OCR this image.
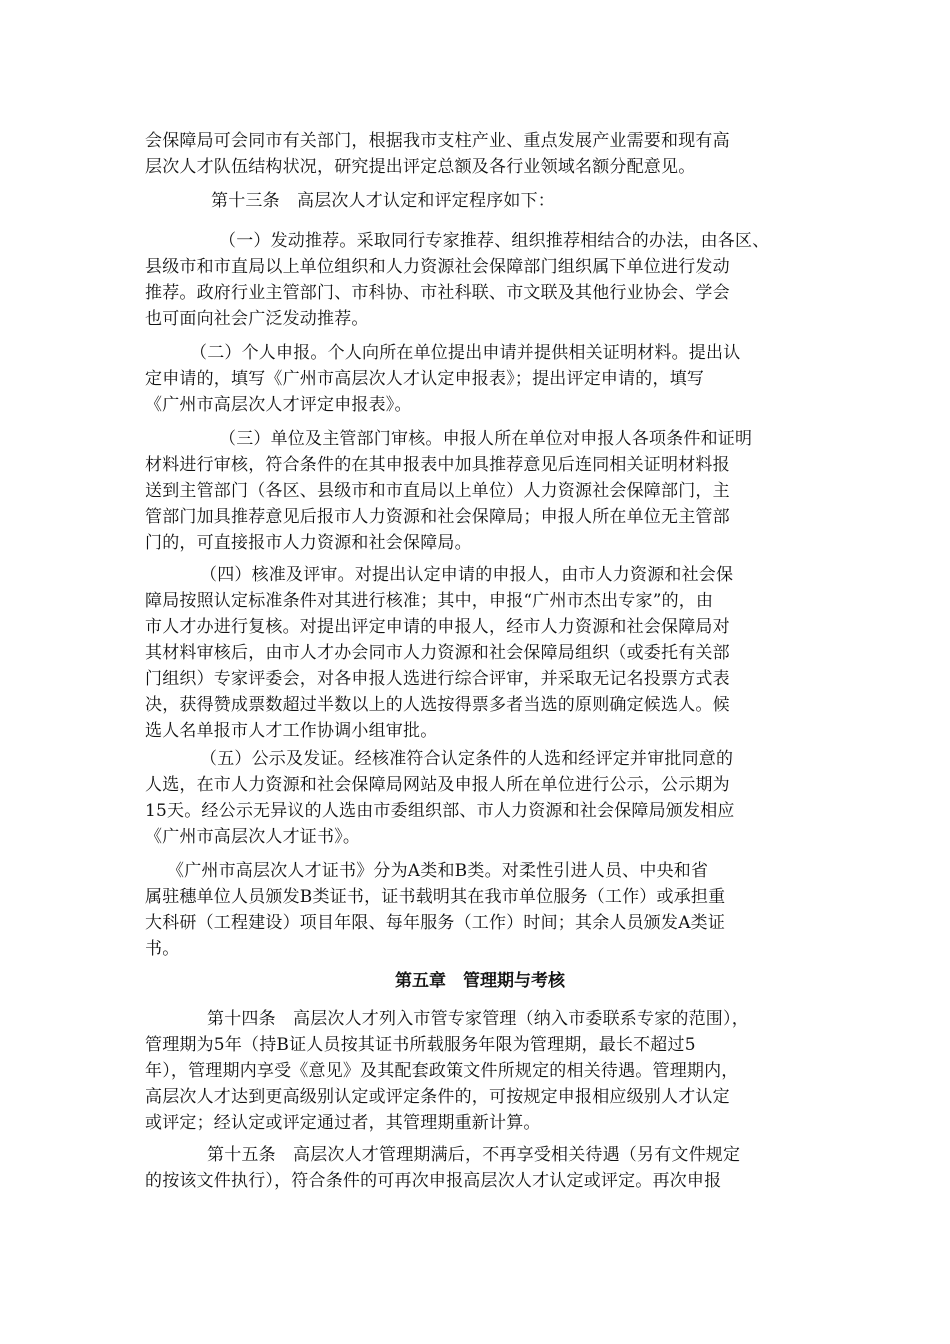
会保障局可会同市有关部门，根据我市支柱产业、重点发展产业需要和现有高
层次人才队伍结构状况，研究提出评定总额及各行业领域名额分配意见。
第十三条　高层次人才认定和评定程序如下：
（一）发动推荐。采取同行专家推荐、组织推荐相结合的办法，由各区、
县级市和市直局以上单位组织和人力资源社会保障部门组织属下单位进行发动
推荐。政府行业主管部门、市科协、市社科联、市文联及其他行业协会、学会
也可面向社会广泛发动推荐。
（二）个人申报。个人向所在单位提出申请并提供相关证明材料。提出认
定申请的，填写《广州市高层次人才认定申报表》；提出评定申请的，填写
《广州市高层次人才评定申报表》。
（三）单位及主管部门审核。申报人所在单位对申报人各项条件和证明
材料进行审核，符合条件的在其申报表中加具推荐意见后连同相关证明材料报
送到主管部门（各区、县级市和市直局以上单位）人力资源社会保障部门，主
管部门加具推荐意见后报市人力资源和社会保障局；申报人所在单位无主管部
门的，可直接报市人力资源和社会保障局。
（四）核准及评审。对提出认定申请的申报人，由市人力资源和社会保
障局按照认定标准条件对其进行核准；其中，申报“广州市杰出专家”的，由
市人才办进行复核。对提出评定申请的申报人，经市人力资源和社会保障局对
其材料审核后，由市人才办会同市人力资源和社会保障局组织（或委托有关部
门组织）专家评委会，对各申报人选进行综合评审，并采取无记名投票方式表
决，获得赞成票数超过半数以上的人选按得票多者当选的原则确定候选人。候
选人名单报市人才工作协调小组审批。
（五）公示及发证。经核准符合认定条件的人选和经评定并审批同意的
人选，在市人力资源和社会保障局网站及申报人所在单位进行公示，公示期为
15天。经公示无异议的人选由市委组织部、市人力资源和社会保障局颁发相应
《广州市高层次人才证书》。
《广州市高层次人才证书》分为A类和B类。对柔性引进人员、中央和省
属驻穗单位人员颁发B类证书，证书载明其在我市单位服务（工作）或承担重
大科研（工程建设）项目年限、每年服务（工作）时间；其余人员颁发A类证
书。
第五章　管理期与考核
第十四条　高层次人才列入市管专家管理（纳入市委联系专家的范围），
管理期为5年（持B证人员按其证书所载服务年限为管理期，最长不超过5
年），管理期内享受《意见》及其配套政策文件所规定的相关待遇。管理期内，
高层次人才达到更高级别认定或评定条件的，可按规定申报相应级别人才认定
或评定；经认定或评定通过者，其管理期重新计算。
第十五条　高层次人才管理期满后，不再享受相关待遇（另有文件规定
的按该文件执行），符合条件的可再次申报高层次人才认定或评定。再次申报
